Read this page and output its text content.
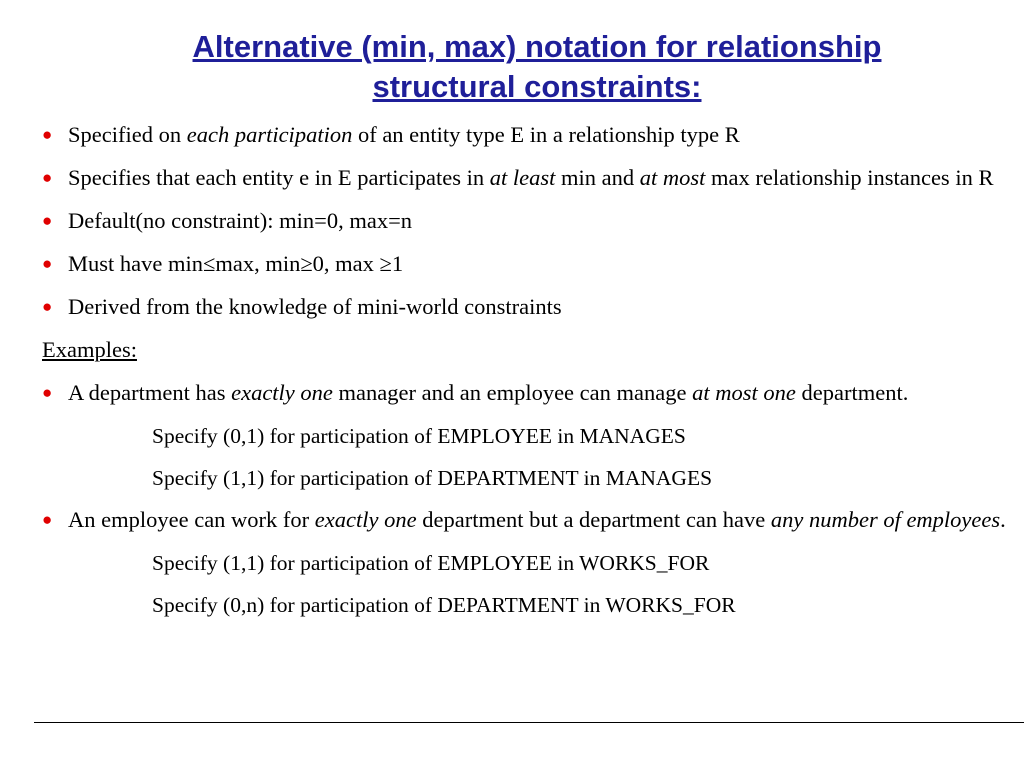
Alternative (min, max) notation for relationship
structural constraints:
● Specified on each participation of an entity type E in a relationship type R
● Specifies that each entity e in E participates in at least min and at most max relationship instances in R
● Default(no constraint): min=0, max=n
● Must have min≤max, min≥0, max ≥1
● Derived from the knowledge of mini-world constraints
Examples:
● A department has exactly one manager and an employee can manage at most one department.
Specify (0,1) for participation of EMPLOYEE in MANAGES
Specify (1,1) for participation of DEPARTMENT in MANAGES
● An employee can work for exactly one department but a department can have any number of employees.
Specify (1,1) for participation of EMPLOYEE in WORKS_FOR
Specify (0,n) for participation of DEPARTMENT in WORKS_FOR
